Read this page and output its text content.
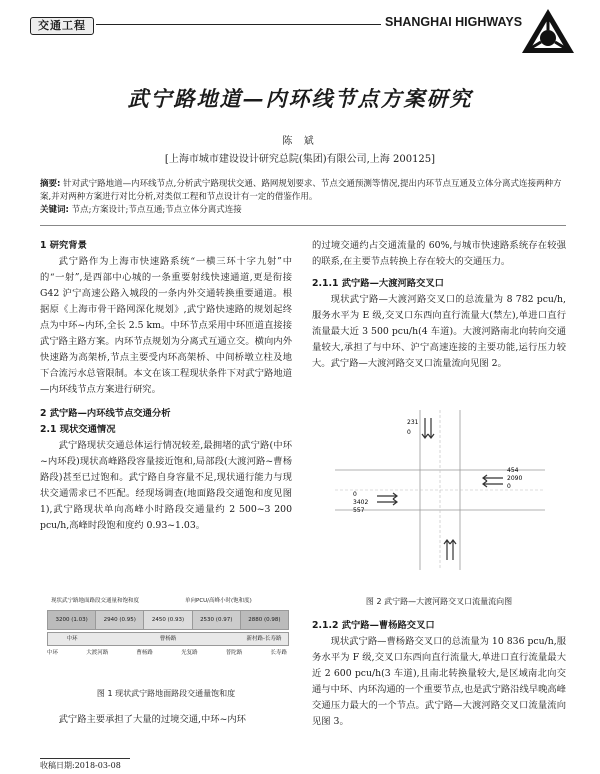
交通工程	SHANGHAI HIGHWAYS
武宁路地道—内环线节点方案研究
陈 斌
[上海市城市建设设计研究总院(集团)有限公司,上海 200125]
摘要: 针对武宁路地道—内环线节点,分析武宁路现状交通、路网规划要求、节点交通预测等情况,提出内环节点互通及立体分离式连接两种方案,并对两种方案进行对比分析,对类似工程和节点设计有一定的借鉴作用。
关键词: 节点;方案设计;节点互通;节点立体分离式连接
1 研究背景

武宁路作为上海市快速路系统“一横三环十字九射”中的“一射”,是西部中心城的一条重要射线快速通道,更是衔接 G42 沪宁高速公路入城段的一条内外交通转换重要通道。根据原《上海市骨干路网深化规划》,武宁路快速路的规划起终点为中环~内环,全长 2.5 km。中环节点采用中环匝道直接接武宁路主路方案。内环节点规划为分离式互通立交。横向内外快速路为高架桥,节点主要受内环高架桥、中间桥墩立柱及地下合流污水总管限制。本文在该工程现状条件下对武宁路地道—内环线节点方案进行研究。

2 武宁路—内环线节点交通分析
2.1 现状交通情况

武宁路现状交通总体运行情况较差,最拥堵的武宁路(中环~内环段)现状高峰路段容量接近饱和,局部段(大渡河路~曹杨路段)甚至已过饱和。武宁路自身容量不足,现状通行能力与现状交通需求已不匹配。经现场调查(地面路段交通饱和度见图 1),武宁路现状单向高峰小时路段交通量约 2 500~3 200 pcu/h,高峰时段饱和度约 0.93~1.03。

现状武宁路地面路段交通量和饱和度	单向PCU/高峰小时(饱和度)
3200 (1.03)	2940 (0.95)	2450 (0.93)	2530 (0.97)	2880 (0.98)
中环	曹杨路	新村路-长寿路
中环	大渡河路	曹杨路	光复路	普陀路	长寿路
图 1 现状武宁路地面路段交通量饱和度

武宁路主要承担了大量的过境交通,中环~内环

的过境交通约占交通流量的 60%,与城市快速路系统存在较强的联系,在主要节点转换上存在较大的交通压力。
2.1.1 武宁路—大渡河路交叉口

现状武宁路—大渡河路交叉口的总流量为 8 782 pcu/h,服务水平为 E 级,交叉口东西向直行流量大(禁左),单进口直行流量最大近 3 500 pcu/h(4 车道)。大渡河路南北向转向交通量较大,承担了与中环、沪宁高速连接的主要功能,运行压力较大。武宁路—大渡河路交叉口流量流向见图 2。

231
0
454
2090
0
0
3402
557
图 2 武宁路—大渡河路交叉口流量流向图
2.1.2 武宁路—曹杨路交叉口

现状武宁路—曹杨路交叉口的总流量为 10 836 pcu/h,服务水平为 F 级,交叉口东西向直行流量大,单进口直行流量最大近 2 600 pcu/h(3 车道),且南北转换量较大,是区域南北向交通与中环、内环沟通的一个重要节点,也是武宁路沿线早晚高峰交通压力最大的一个节点。武宁路—大渡河路交叉口流量流向见图 3。

收稿日期:2018-03-08
